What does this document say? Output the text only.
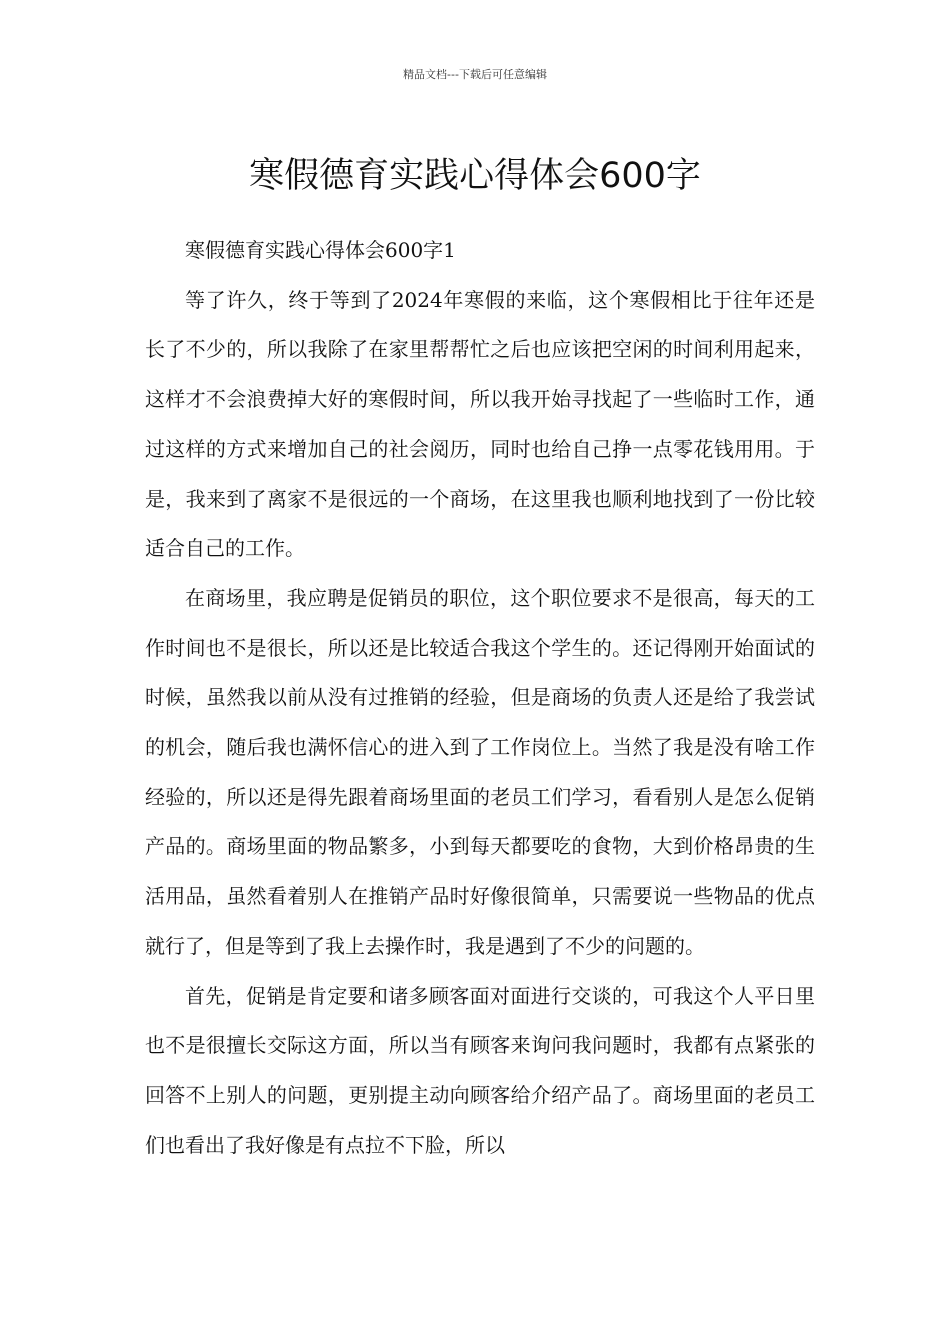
精品文档---下载后可任意编辑
寒假德育实践心得体会600字

寒假德育实践心得体会600字1

等了许久，终于等到了2024年寒假的来临，这个寒假相比于往年还是长了不少的，所以我除了在家里帮帮忙之后也应该把空闲的时间利用起来，这样才不会浪费掉大好的寒假时间，所以我开始寻找起了一些临时工作，通过这样的方式来增加自己的社会阅历，同时也给自己挣一点零花钱用用。于是，我来到了离家不是很远的一个商场，在这里我也顺利地找到了一份比较适合自己的工作。

在商场里，我应聘是促销员的职位，这个职位要求不是很高，每天的工作时间也不是很长，所以还是比较适合我这个学生的。还记得刚开始面试的时候，虽然我以前从没有过推销的经验，但是商场的负责人还是给了我尝试的机会，随后我也满怀信心的进入到了工作岗位上。当然了我是没有啥工作经验的，所以还是得先跟着商场里面的老员工们学习，看看别人是怎么促销产品的。商场里面的物品繁多，小到每天都要吃的食物，大到价格昂贵的生活用品，虽然看着别人在推销产品时好像很简单，只需要说一些物品的优点就行了，但是等到了我上去操作时，我是遇到了不少的问题的。

首先，促销是肯定要和诸多顾客面对面进行交谈的，可我这个人平日里也不是很擅长交际这方面，所以当有顾客来询问我问题时，我都有点紧张的回答不上别人的问题，更别提主动向顾客给介绍产品了。商场里面的老员工们也看出了我好像是有点拉不下脸，所以
